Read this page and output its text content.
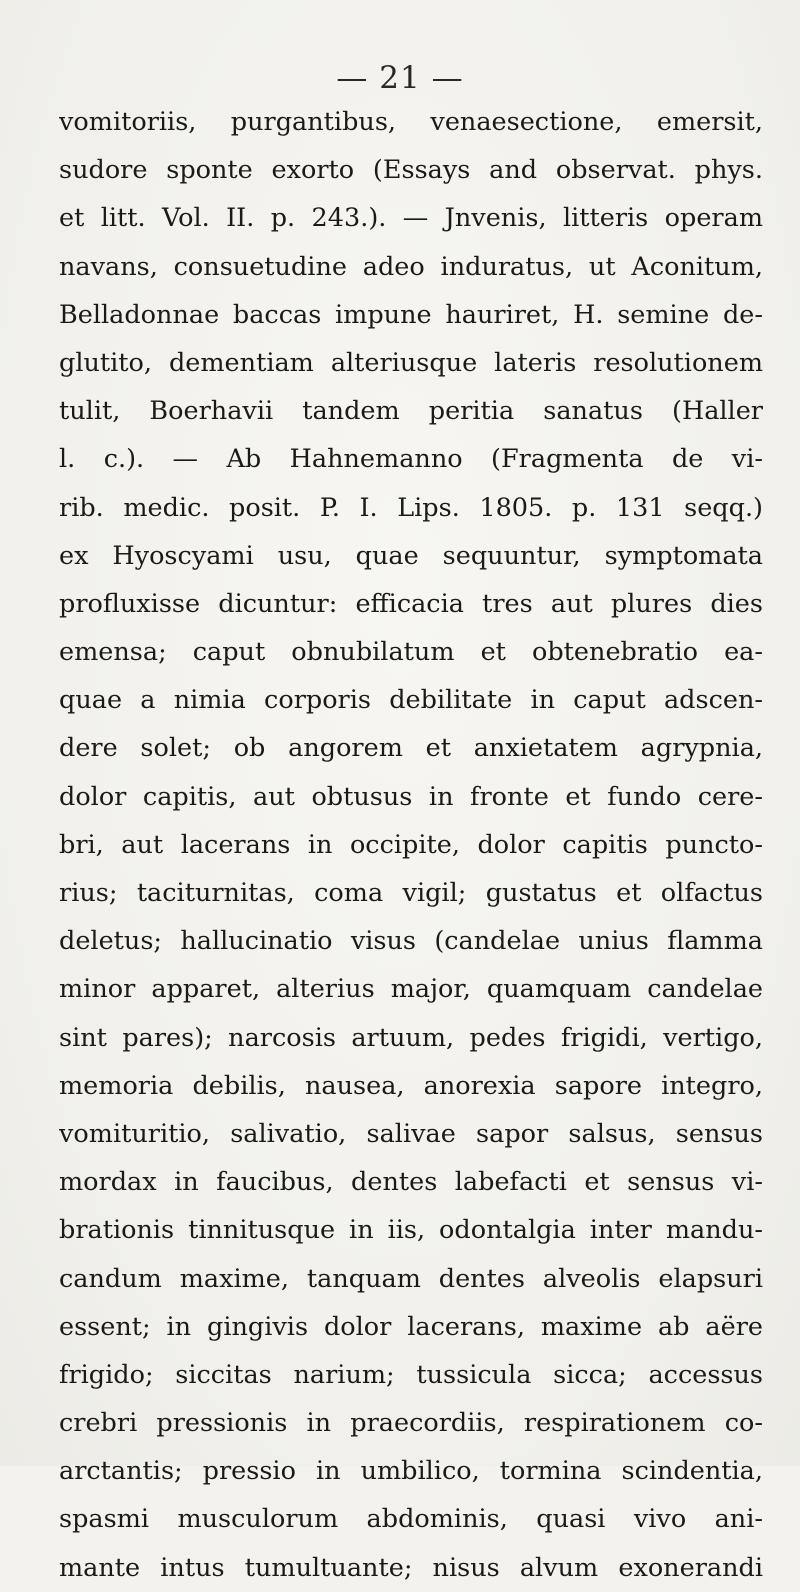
— 21 —
vomitoriis, purgantibus, venaesectione, emersit,
sudore sponte exorto (Essays and observat. phys.
et litt. Vol. II. p. 243.). — Jnvenis, litteris operam
navans, consuetudine adeo induratus, ut Aconitum,
Belladonnae baccas impune hauriret, H. semine de-
glutito, dementiam alteriusque lateris resolutionem
tulit, Boerhavii tandem peritia sanatus (Haller
l. c.). — Ab Hahnemanno (Fragmenta de vi-
rib. medic. posit. P. I. Lips. 1805. p. 131 seqq.)
ex Hyoscyami usu, quae sequuntur, symptomata
profluxisse dicuntur: efficacia tres aut plures dies
emensa; caput obnubilatum et obtenebratio ea-
quae a nimia corporis debilitate in caput adscen-
dere solet; ob angorem et anxietatem agrypnia,
dolor capitis, aut obtusus in fronte et fundo cere-
bri, aut lacerans in occipite, dolor capitis puncto-
rius; taciturnitas, coma vigil; gustatus et olfactus
deletus; hallucinatio visus (candelae unius flamma
minor apparet, alterius major, quamquam candelae
sint pares); narcosis artuum, pedes frigidi, vertigo,
memoria debilis, nausea, anorexia sapore integro,
vomituritio, salivatio, salivae sapor salsus, sensus
mordax in faucibus, dentes labefacti et sensus vi-
brationis tinnitusque in iis, odontalgia inter mandu-
candum maxime, tanquam dentes alveolis elapsuri
essent; in gingivis dolor lacerans, maxime ab aëre
frigido; siccitas narium; tussicula sicca; accessus
crebri pressionis in praecordiis, respirationem co-
arctantis; pressio in umbilico, tormina scindentia,
spasmi musculorum abdominis, quasi vivo ani-
mante intus tumultuante; nisus alvum exonerandi
